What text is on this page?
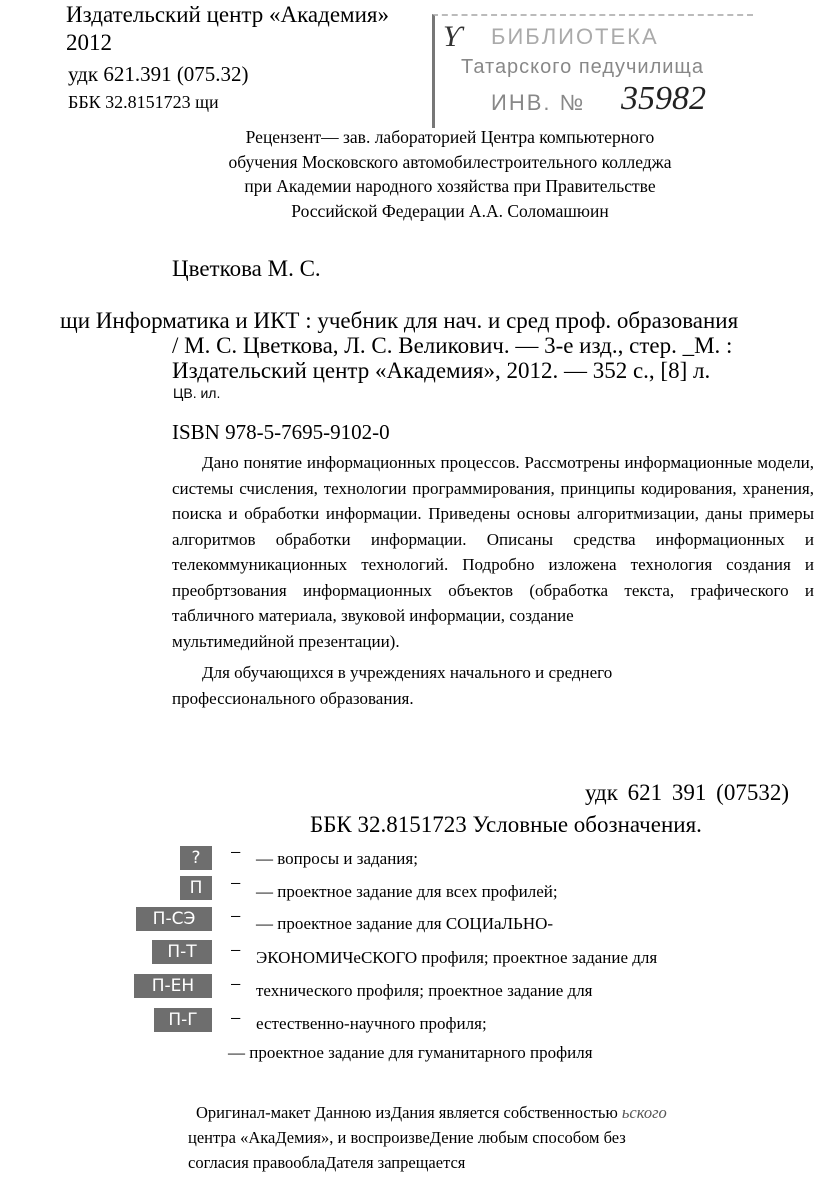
Издательский центр «Академия»
2012
удк 621.391 (075.32)
ББК 32.8151723 щи
Ƴ БИБЛИОТЕКА
Татарского педучилища
ИНВ. № 35982
Рецензент— зав. лабораторией Центра компьютерного
обучения Московского автомобилестроительного колледжа
при Академии народного хозяйства при Правительстве
Российской Федерации А.А. Соломашюин
Цветкова М. С.
щи Информатика и ИКТ : учебник для нач. и сред проф. образования
/ М. С. Цветкова, Л. С. Великович. — 3-е изд., стер. _М. :
Издательский центр «Академия», 2012. — 352 с., [8] л.
ЦВ. ил.
ISBN 978-5-7695-9102-0

Дано понятие информационных процессов. Рассмотрены информационные модели, системы счисления, технологии программирования, принципы кодирования, хранения, поиска и обработки информации. Приведены основы алгоритмизации, даны примеры алгоритмов обработки информации. Описаны средства информационных и телекоммуникационных технологий. Подробно изложена технология создания и преобртзования информационных объектов (обработка текста, графического и табличного материала, звуковой информации, создание

мультимедийной презентации).

Для обучающихся в учреждениях начального и среднего

профессионального образования.

удк 621 391 (07532)
ББК 32.8151723 Условные обозначения.
?
П
П-СЭ
П-Т
П-ЕН
П-Г
−
−
−
−
−
−
— вопросы и задания;
— проектное задание для всех профилей;
— проектное задание для СОЦИаЛЬНО-
ЭКОНОМИЧеСКОГО профиля; проектное задание для
технического профиля; проектное задание для
естественно-научного профиля;
— проектное задание для гуманитарного профиля

Оригинал-макет Данною изДания является собственностью ьского

центра «АкаДемия», и воспроизвеДение любым способом без

согласия правооблаДателя запрещается
